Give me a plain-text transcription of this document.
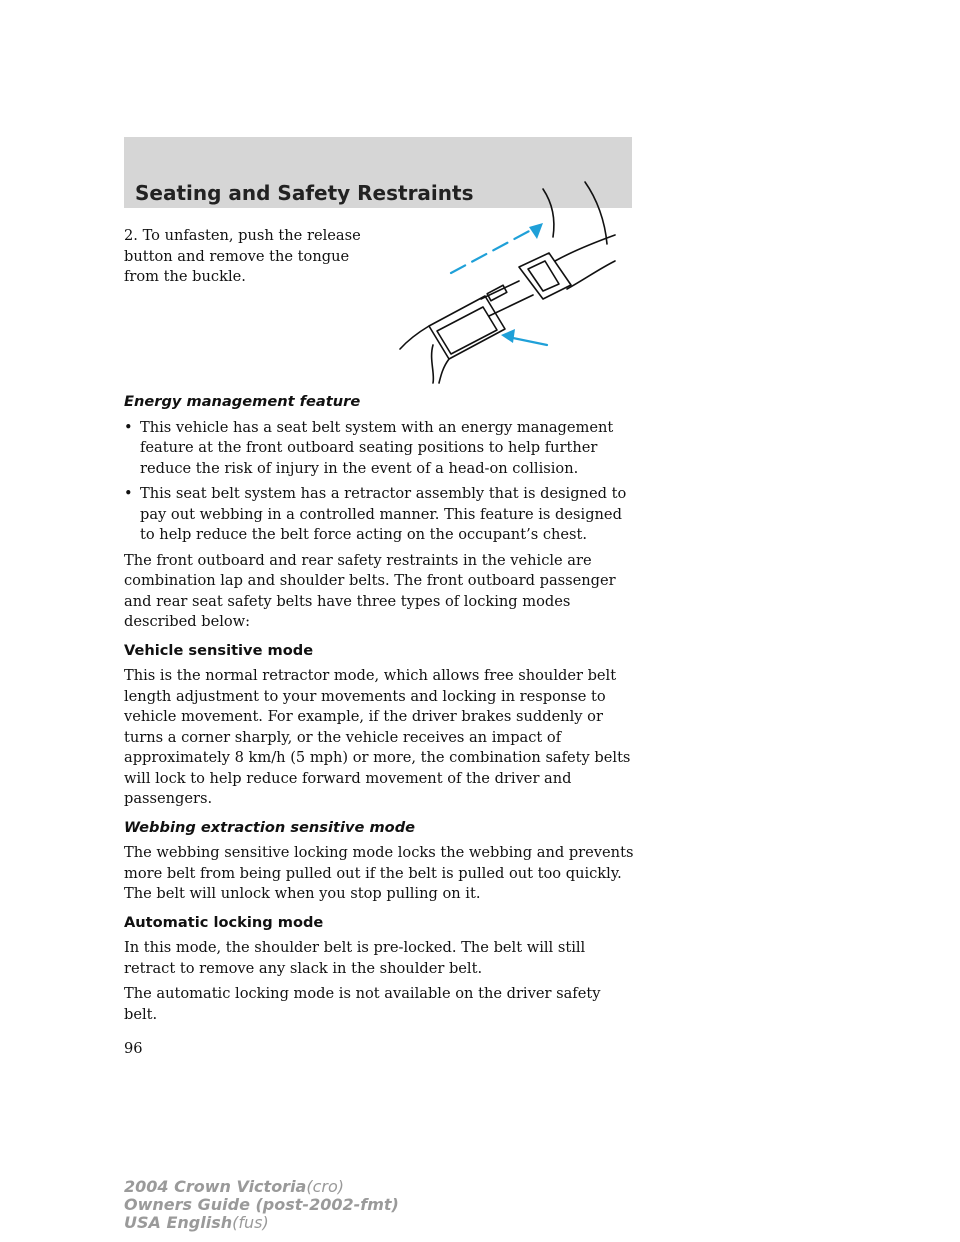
Seating and Safety Restraints

2. To unfasten, push the release button and remove the tongue from the buckle.

Energy management feature
• This vehicle has a seat belt system with an energy management feature at the front outboard seating positions to help further reduce the risk of injury in the event of a head-on collision.
• This seat belt system has a retractor assembly that is designed to pay out webbing in a controlled manner. This feature is designed to help reduce the belt force acting on the occupant’s chest.

The front outboard and rear safety restraints in the vehicle are combination lap and shoulder belts. The front outboard passenger and rear seat safety belts have three types of locking modes described below:

Vehicle sensitive mode

This is the normal retractor mode, which allows free shoulder belt length adjustment to your movements and locking in response to vehicle movement. For example, if the driver brakes suddenly or turns a corner sharply, or the vehicle receives an impact of approximately 8 km/h (5 mph) or more, the combination safety belts will lock to help reduce forward movement of the driver and passengers.

Webbing extraction sensitive mode

The webbing sensitive locking mode locks the webbing and prevents more belt from being pulled out if the belt is pulled out too quickly. The belt will unlock when you stop pulling on it.

Automatic locking mode

In this mode, the shoulder belt is pre-locked. The belt will still retract to remove any slack in the shoulder belt.

The automatic locking mode is not available on the driver safety belt.

96

2004 Crown Victoria(cro)
Owners Guide (post-2002-fmt)
USA English(fus)
